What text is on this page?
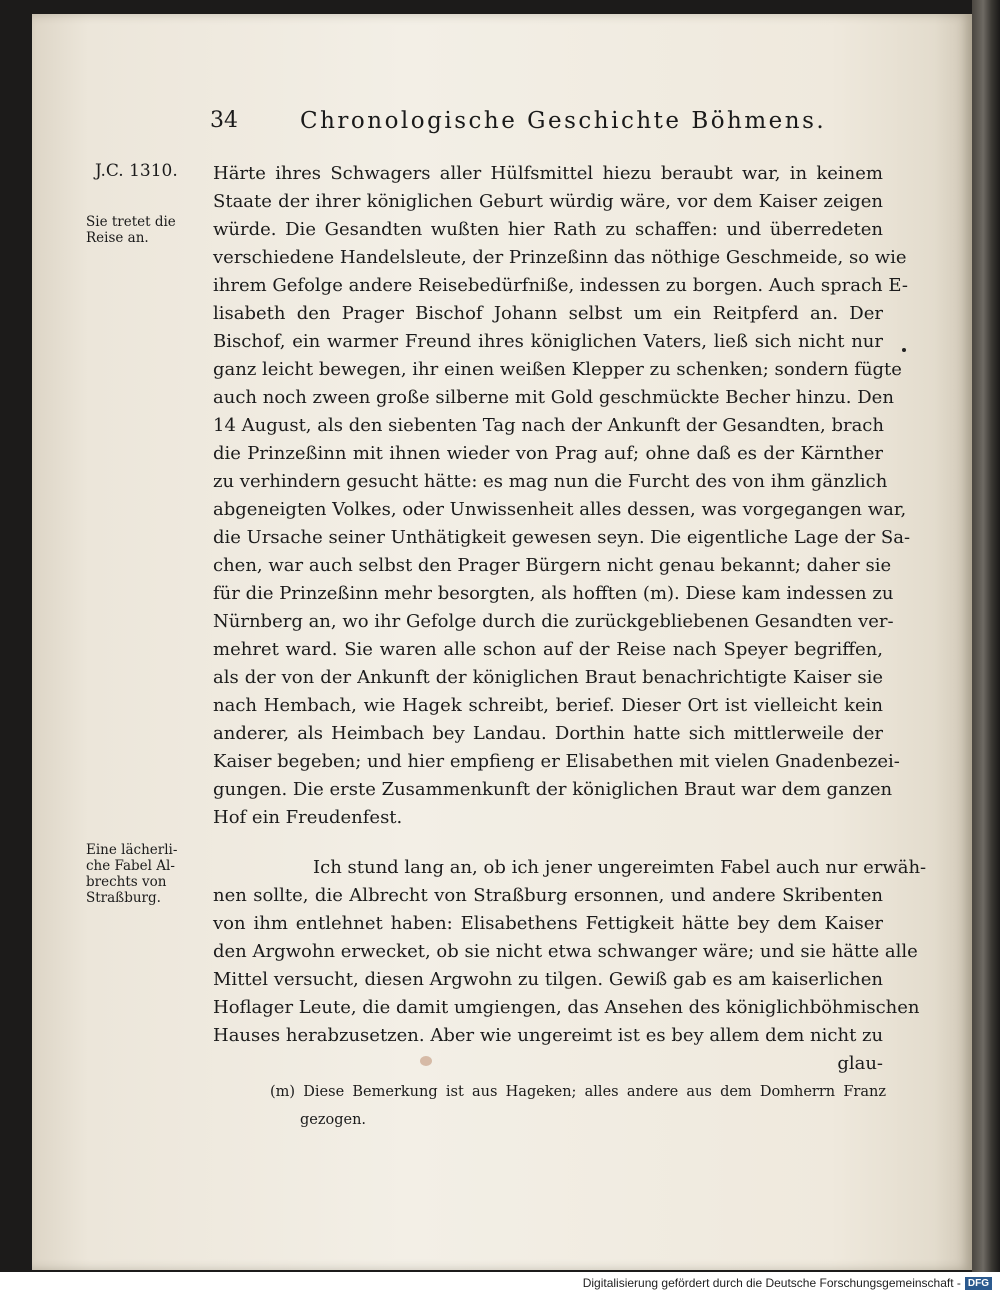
34	Chronologische Geschichte Böhmens.
J.C. 1310.
Sie tretet die
Reise an.
Eine lächerli-
che Fabel Al-
brechts von
Straßburg.
Härte ihres Schwagers aller Hülfsmittel hiezu beraubt war, in keinem
Staate der ihrer königlichen Geburt würdig wäre, vor dem Kaiser zeigen
würde. Die Gesandten wußten hier Rath zu schaffen: und überredeten
verschiedene Handelsleute, der Prinzeßinn das nöthige Geschmeide, so wie
ihrem Gefolge andere Reisebedürfniße, indessen zu borgen. Auch sprach E-
lisabeth den Prager Bischof Johann selbst um ein Reitpferd an. Der
Bischof, ein warmer Freund ihres königlichen Vaters, ließ sich nicht nur
ganz leicht bewegen, ihr einen weißen Klepper zu schenken; sondern fügte
auch noch zween große silberne mit Gold geschmückte Becher hinzu. Den
14 August, als den siebenten Tag nach der Ankunft der Gesandten, brach
die Prinzeßinn mit ihnen wieder von Prag auf; ohne daß es der Kärnther
zu verhindern gesucht hätte: es mag nun die Furcht des von ihm gänzlich
abgeneigten Volkes, oder Unwissenheit alles dessen, was vorgegangen war,
die Ursache seiner Unthätigkeit gewesen seyn. Die eigentliche Lage der Sa-
chen, war auch selbst den Prager Bürgern nicht genau bekannt; daher sie
für die Prinzeßinn mehr besorgten, als hofften (m). Diese kam indessen zu
Nürnberg an, wo ihr Gefolge durch die zurückgebliebenen Gesandten ver-
mehret ward. Sie waren alle schon auf der Reise nach Speyer begriffen,
als der von der Ankunft der königlichen Braut benachrichtigte Kaiser sie
nach Hembach, wie Hagek schreibt, berief. Dieser Ort ist vielleicht kein
anderer, als Heimbach bey Landau. Dorthin hatte sich mittlerweile der
Kaiser begeben; und hier empfieng er Elisabethen mit vielen Gnadenbezei-
gungen. Die erste Zusammenkunft der königlichen Braut war dem ganzen
Hof ein Freudenfest.
Ich stund lang an, ob ich jener ungereimten Fabel auch nur erwäh-
nen sollte, die Albrecht von Straßburg ersonnen, und andere Skribenten
von ihm entlehnet haben: Elisabethens Fettigkeit hätte bey dem Kaiser
den Argwohn erwecket, ob sie nicht etwa schwanger wäre; und sie hätte alle
Mittel versucht, diesen Argwohn zu tilgen. Gewiß gab es am kaiserlichen
Hoflager Leute, die damit umgiengen, das Ansehen des königlichböhmischen
Hauses herabzusetzen. Aber wie ungereimt ist es bey allem dem nicht zu
glau-
(m) Diese Bemerkung ist aus Hageken; alles andere aus dem Domherrn Franz
gezogen.
Digitalisierung gefördert durch die Deutsche Forschungsgemeinschaft - DFG
